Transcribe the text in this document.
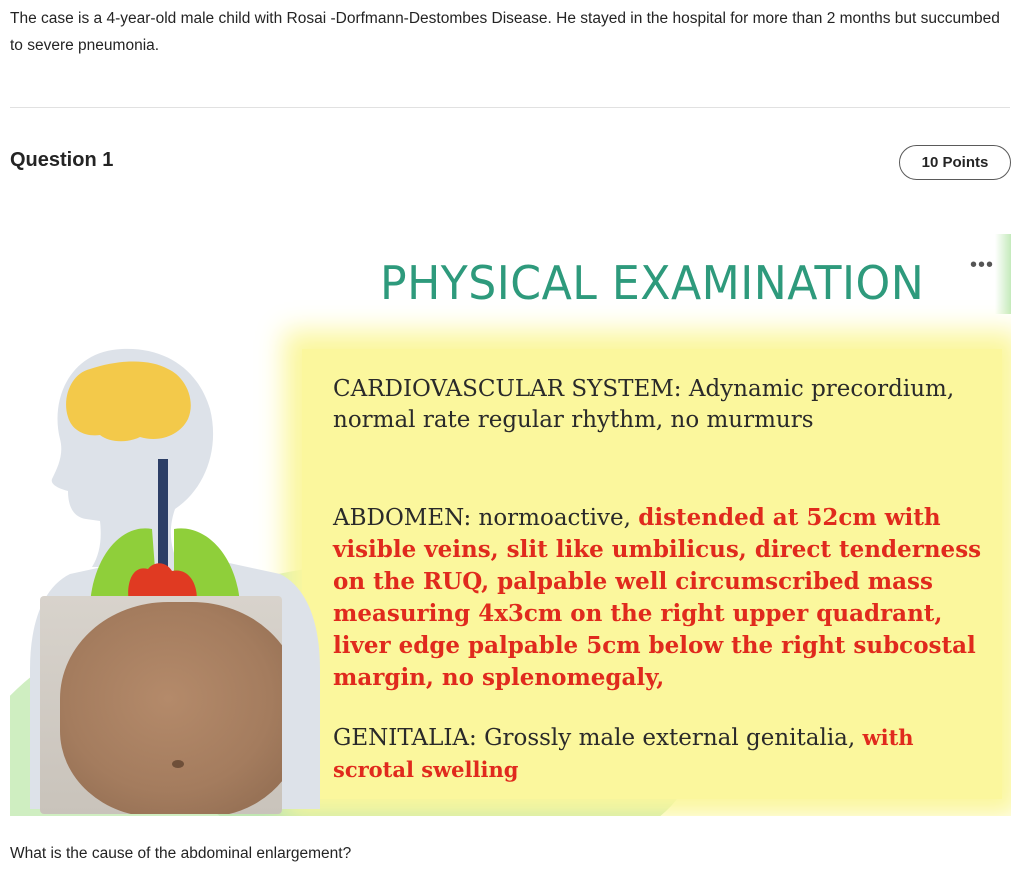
The case is a 4-year-old male child with Rosai -Dorfmann-Destombes Disease. He stayed in the hospital for more than 2 months but succumbed to severe pneumonia.
Question 1	10 Points
PHYSICAL EXAMINATION •••
CARDIOVASCULAR SYSTEM: Adynamic precordium, normal rate regular rhythm, no murmurs
ABDOMEN: normoactive, distended at 52cm with visible veins, slit like umbilicus, direct tenderness on the RUQ, palpable well circumscribed mass measuring 4x3cm on the right upper quadrant, liver edge palpable 5cm below the right subcostal margin, no splenomegaly,
GENITALIA: Grossly male external genitalia, with scrotal swelling
What is the cause of the abdominal enlargement?
